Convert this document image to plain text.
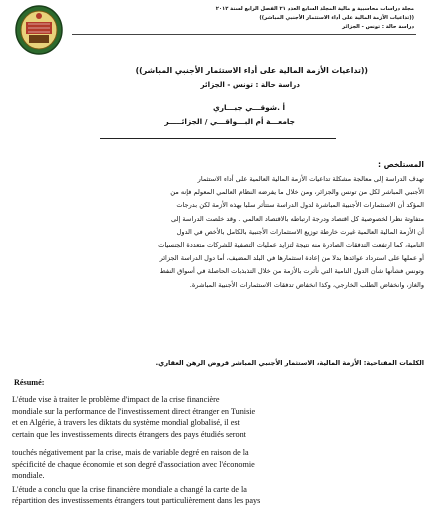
مجلة دراسات محاسبية و مالية المجلد السابع العدد ٢١ الفصل الرابع لسنة ٢٠١٢
((تداعيات الأزمة المالية على أداء الاستثمار الأجنبي المباشر))
دراسة حالة : تونس - الجزائر
((تداعيات الأزمة المالية على أداء الاستثمار الأجنبي المباشر))
دراسة حالة : تونس - الجزائر
أ .شوقـــي جبـــاري
جامعـــة أم البـــواقـــي / الجزائـــــر
المستلخص :
تهدف الدراسة إلى معالجة مشكلة تداعيات الأزمة المالية العالمية على أداء الاستثمار
الأجنبي المباشر لكل من تونس والجزائر، ومن خلال ما يفرضه النظام العالمي المعولم فإنه من
المؤكد أن الاستثمارات الأجنبية المباشرة لدول الدراسة ستتأثر سلبا بهذه الأزمة لكن بدرجات
متفاوتة نظرا لخصوصية كل اقتصاد ودرجة ارتباطه بالاقتصاد العالمي . وقد خلصت الدراسة إلى
أن الأزمة المالية العالمية غيرت خارطة توزيع الاستثمارات الأجنبية بالكامل بالأخص في الدول
النامية، كما ارتفعت التدفقات الصادرة منه نتيجة لتزايد عمليات التصفية للشركات متعددة الجنسيات
أو عملها على استرداد عوائدها بدلا من إعادة استثمارها في البلد المضيف، أما دول الدراسة الجزائر
وتونس فشأنها شأن الدول النامية التي تأثرت بالأزمة من خلال التذبذبات الحاصلة في أسواق النفط
والغاز، وانخفاض الطلب الخارجي، وكذا انخفاض تدفقات الاستثمارات الأجنبية المباشرة.
الكلمات المفتاحية: الأزمة المالية، الاستثمار الأجنبي المباشر قروض الرهن العقاري.
Résumé:
L'étude vise à traiter le problème d'impact de la crise financière
mondiale sur la performance de l'investissement direct étranger en Tunisie
et en Algérie, à travers les diktats du système mondial globalisé, il est
certain que les investissements directs étrangers des pays étudiés seront
touchés négativement par la crise, mais de variable degré en raison de la
spécificité de chaque économie et son degré d'association avec l'économie
mondiale.
L'étude a conclu que la crise financière mondiale a changé la carte de la
répartition des investissements étrangers tout particulièrement dans les pays
